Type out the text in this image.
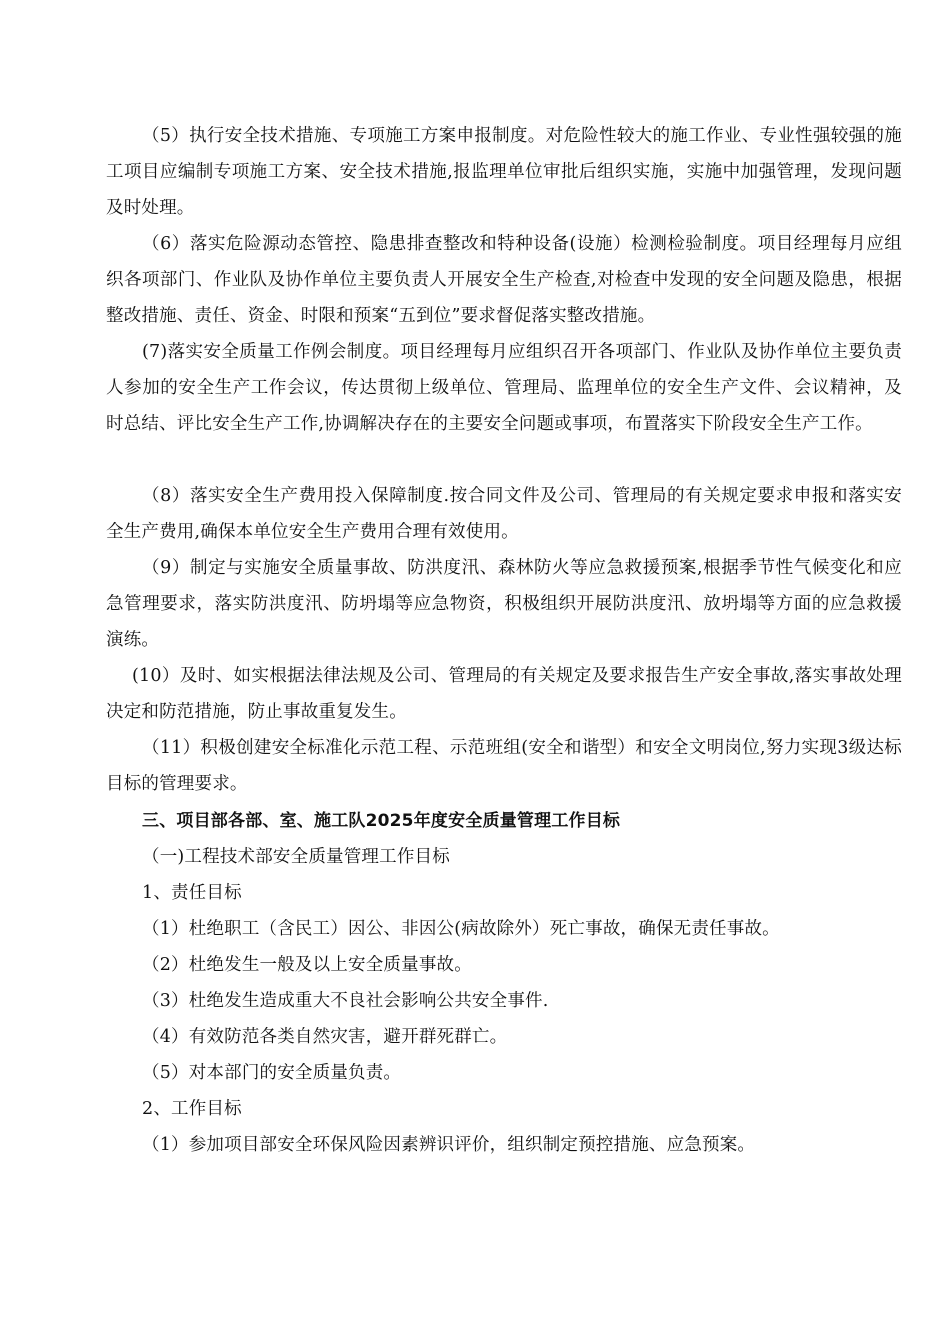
（5）执行安全技术措施、专项施工方案申报制度。对危险性较大的施工作业、专业性强较强的施工项目应编制专项施工方案、安全技术措施,报监理单位审批后组织实施，实施中加强管理，发现问题及时处理。

（6）落实危险源动态管控、隐患排查整改和特种设备(设施）检测检验制度。项目经理每月应组织各项部门、作业队及协作单位主要负责人开展安全生产检查,对检查中发现的安全问题及隐患，根据整改措施、责任、资金、时限和预案“五到位”要求督促落实整改措施。

(7)落实安全质量工作例会制度。项目经理每月应组织召开各项部门、作业队及协作单位主要负责人参加的安全生产工作会议，传达贯彻上级单位、管理局、监理单位的安全生产文件、会议精神，及时总结、评比安全生产工作,协调解决存在的主要安全问题或事项，布置落实下阶段安全生产工作。

（8）落实安全生产费用投入保障制度.按合同文件及公司、管理局的有关规定要求申报和落实安全生产费用,确保本单位安全生产费用合理有效使用。

（9）制定与实施安全质量事故、防洪度汛、森林防火等应急救援预案,根据季节性气候变化和应急管理要求，落实防洪度汛、防坍塌等应急物资，积极组织开展防洪度汛、放坍塌等方面的应急救援演练。

(10）及时、如实根据法律法规及公司、管理局的有关规定及要求报告生产安全事故,落实事故处理决定和防范措施，防止事故重复发生。

（11）积极创建安全标准化示范工程、示范班组(安全和谐型）和安全文明岗位,努力实现3级达标目标的管理要求。

三、项目部各部、室、施工队2025年度安全质量管理工作目标
（一)工程技术部安全质量管理工作目标
1、责任目标
（1）杜绝职工（含民工）因公、非因公(病故除外）死亡事故，确保无责任事故。
（2）杜绝发生一般及以上安全质量事故。
（3）杜绝发生造成重大不良社会影响公共安全事件.
（4）有效防范各类自然灾害，避开群死群亡。
（5）对本部门的安全质量负责。
2、工作目标
（1）参加项目部安全环保风险因素辨识评价，组织制定预控措施、应急预案。
